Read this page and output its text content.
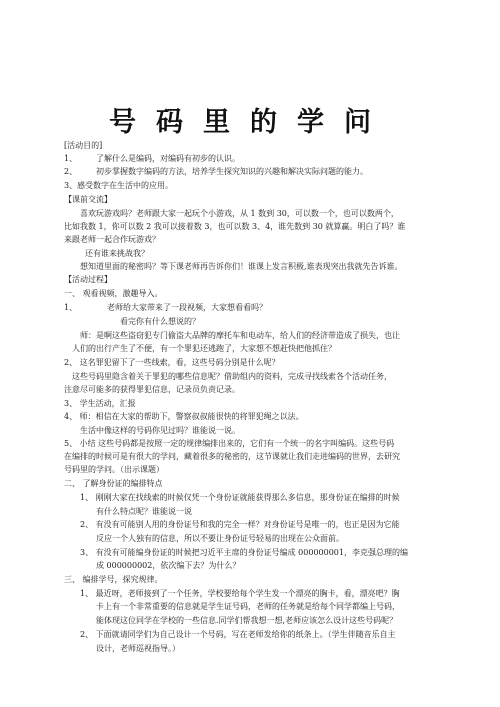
号码里的学问
[活动目的]
1、 了解什么是编码，对编码有初步的认识。
2、 初步掌握数字编码的方法，培养学生探究知识的兴趣和解决实际问题的能力。
3、 感受数字在生活中的应用。
【课前交流】
喜欢玩游戏吗？老师跟大家一起玩个小游戏，从 1 数到 30，可以数一个，也可以数两个，
比如我数 1，你可以数 2 我可以接着数 3，也可以数 3、4，谁先数到 30 就算赢。明白了吗？谁
来跟老师一起合作玩游戏？
还有谁来挑战我？
想知道里面的秘密吗？等下课老师再告诉你们！谁课上发言积极,谁表现突出我就先告诉谁。
【活动过程】
一、 观看视频，激趣导入。
1、	老师给大家带来了一段视频，大家想看看吗？
看完你有什么想说的？
师：是啊这些盗窃犯专门偷盗大品牌的摩托车和电动车，给人们的经济带造成了损失，也让
人们的出行产生了不便，有一个罪犯还逃跑了，大家想不想赶快把他抓住？
2、 这名罪犯留下了一些线索，看，这些号码分别是什么呢？
这些号码里隐含着关于罪犯的哪些信息呢？借助组内的资料，完成寻找线索各个活动任务，
注意尽可能多的获得罪犯信息，记录员负责记录。
3、 学生活动，汇报
4、 师：相信在大家的帮助下，警察叔叔能很快的将罪犯绳之以法。
生活中像这样的号码你见过吗？谁能说一说。
5、 小结 这些号码都是按照一定的规律编排出来的，它们有一个统一的名字叫编码。这些号码
在编排的时候可是有很大的学问，藏着很多的秘密的，这节课就让我们走进编码的世界，去研究
号码里的学问。（出示课题）
二、 了解身份证的编排特点
1、 刚刚大家在找线索的时候仅凭一个身份证就能获得那么多信息，那身份证在编排的时候
有什么特点呢？谁能说一说
2、 有没有可能别人用的身份证号和我的完全一样？对身份证号是唯一的，也正是因为它能
反应一个人独有的信息，所以不要让身份证号轻易的出现在公众面前。
3、 有没有可能编身份证的时候把习近平主席的身份证号编成 000000001，李克强总理的编
成 000000002，依次编下去？为什么？
三、 编排学号，探究规律。
1、 最近呀，老师接到了一个任务，学校要给每个学生发一个漂亮的胸卡，看，漂亮吧？胸
卡上有一个非常重要的信息就是学生证号码，老师的任务就是给每个同学都编上号码，
能体现这位同学在学校的一些信息.同学们帮我想一想,老师应该怎么设计这些号码呢？
2、 下面就请同学们为自己设计一个号码，写在老师发给你的纸条上。（学生伴随音乐自主
设计，老师巡视指导。）
